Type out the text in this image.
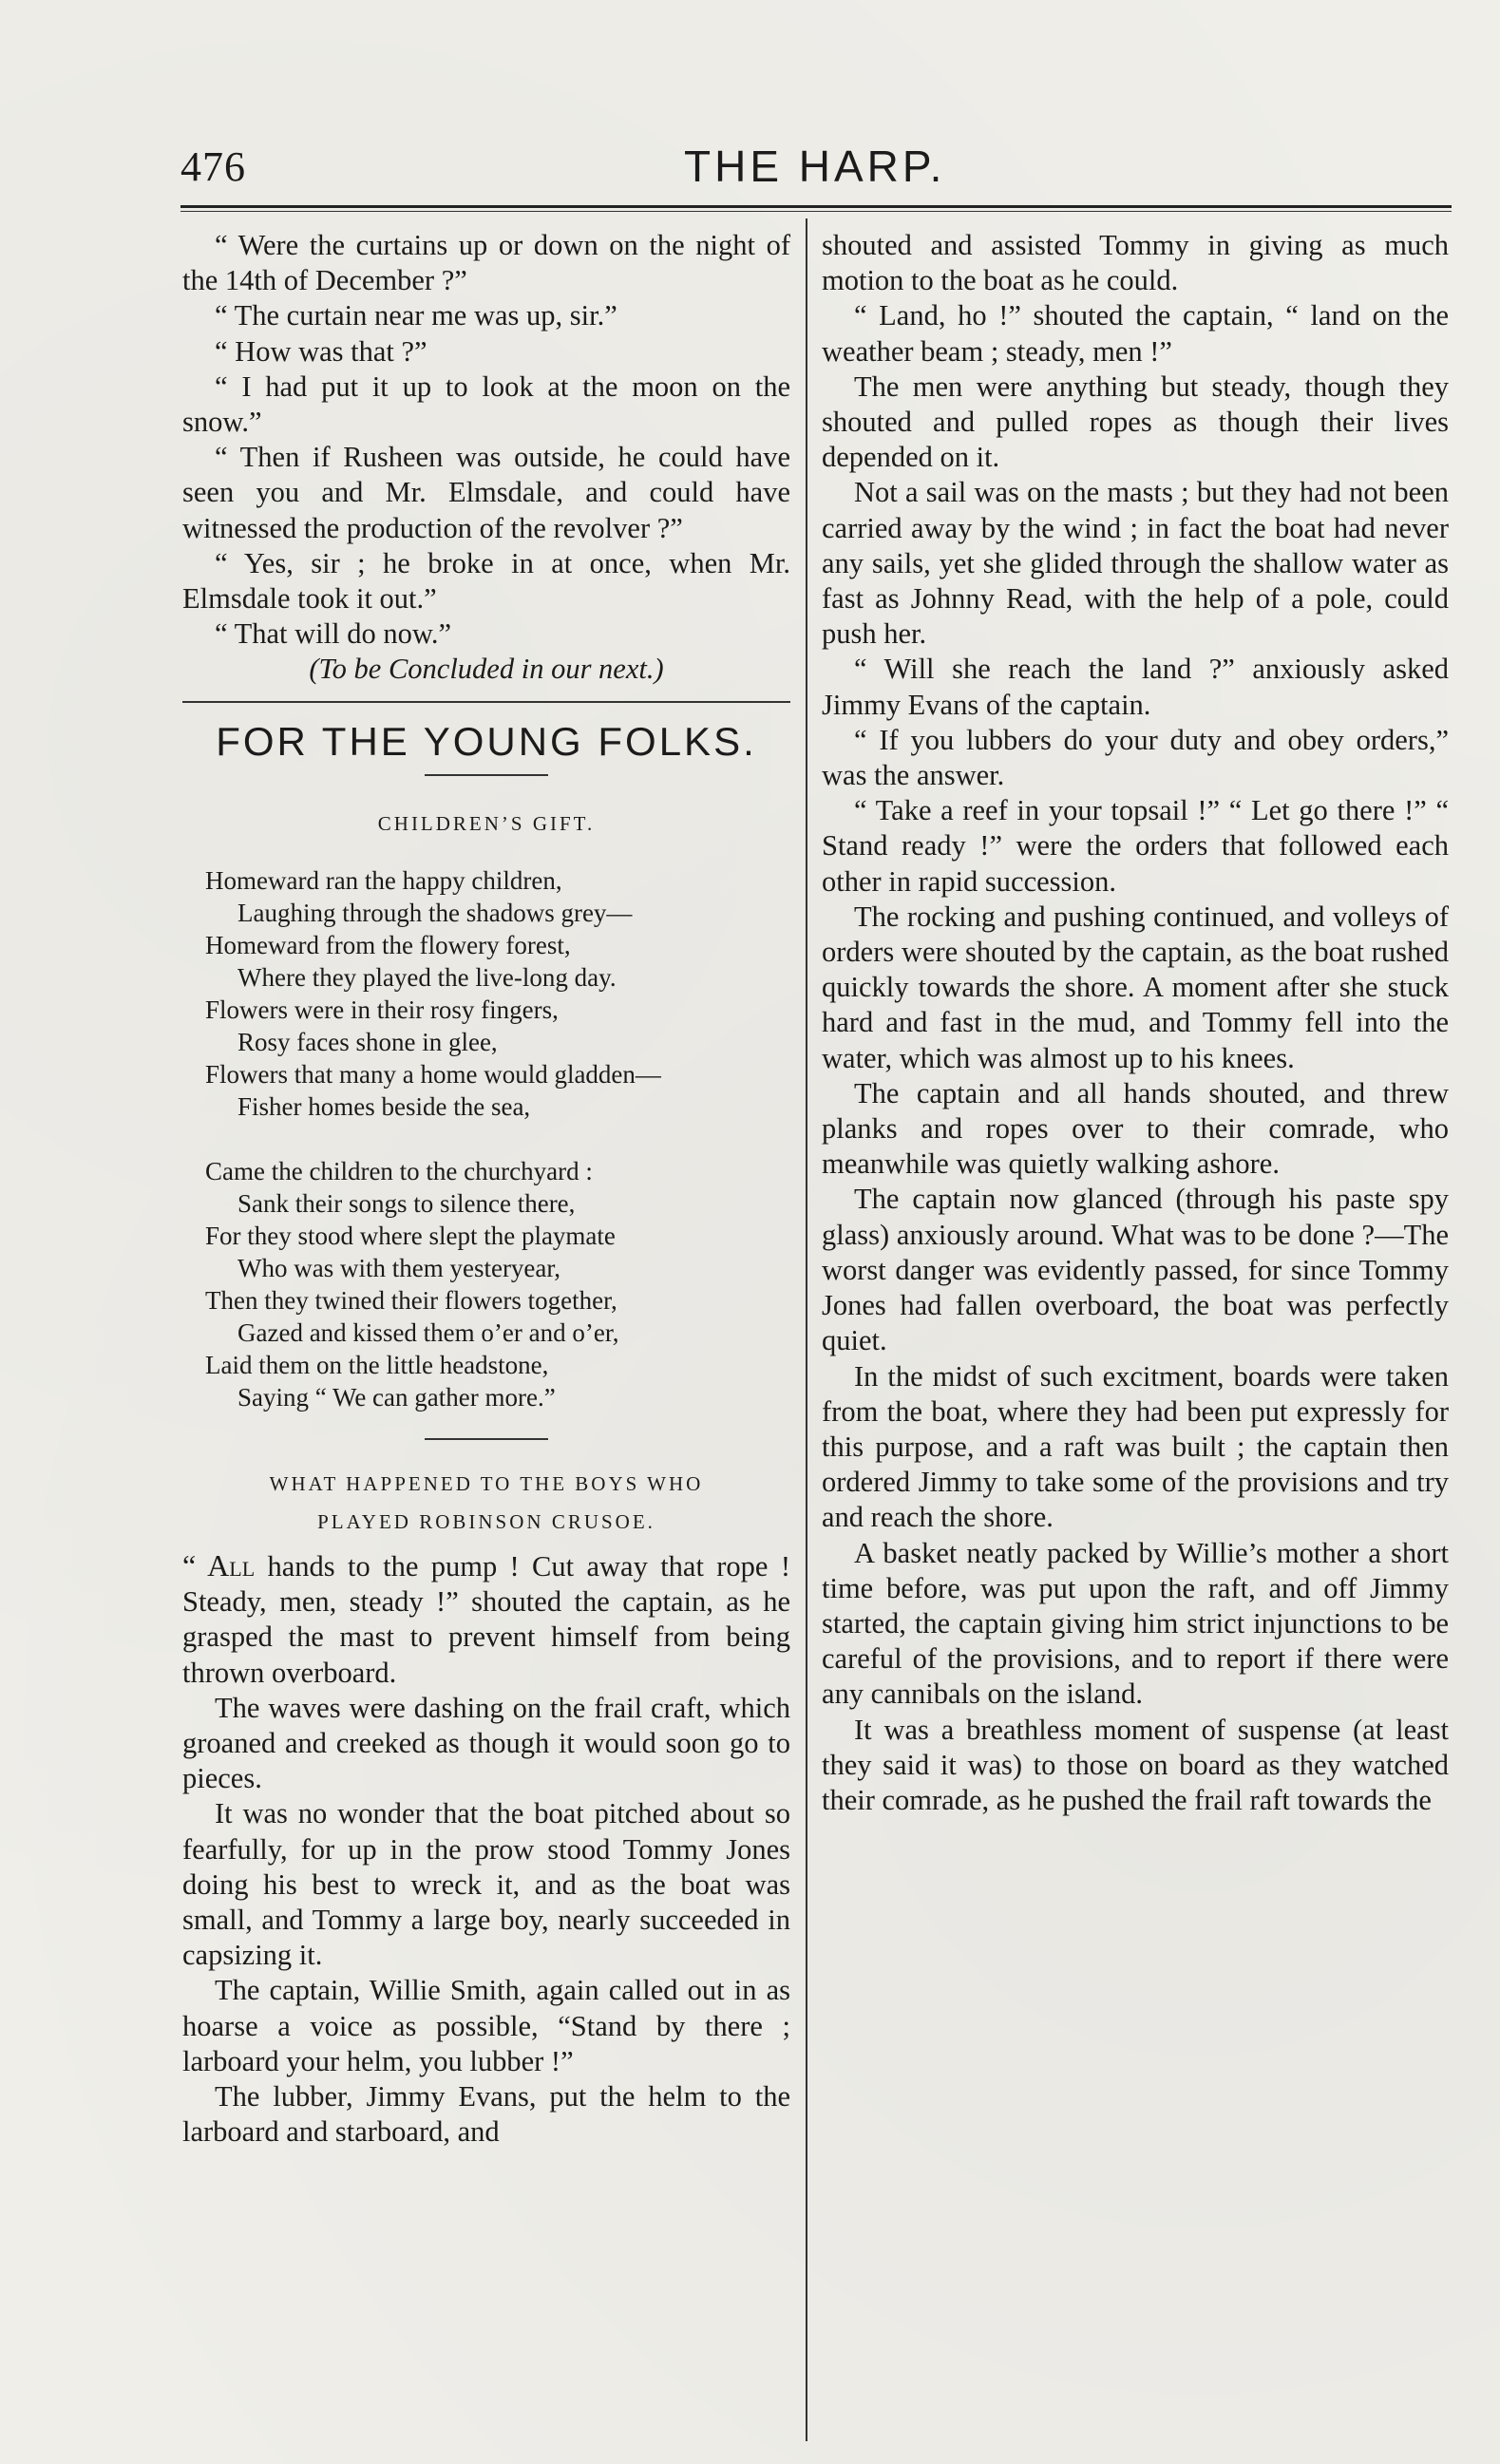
476	THE HARP.

“ Were the curtains up or down on the night of the 14th of December ?”

“ The curtain near me was up, sir.”

“ How was that ?”

“ I had put it up to look at the moon on the snow.”

“ Then if Rusheen was outside, he could have seen you and Mr. Elmsdale, and could have witnessed the production of the revolver ?”

“ Yes, sir ; he broke in at once, when Mr. Elmsdale took it out.”

“ That will do now.”

(To be Concluded in our next.)

FOR THE YOUNG FOLKS.
CHILDREN’S GIFT.
Homeward ran the happy children,
Laughing through the shadows grey—
Homeward from the flowery forest,
Where they played the live-long day.
Flowers were in their rosy fingers,
Rosy faces shone in glee,
Flowers that many a home would gladden—
Fisher homes beside the sea,
Came the children to the churchyard :
Sank their songs to silence there,
For they stood where slept the playmate
Who was with them yesteryear,
Then they twined their flowers together,
Gazed and kissed them o’er and o’er,
Laid them on the little headstone,
Saying “ We can gather more.”
WHAT HAPPENED TO THE BOYS WHO
PLAYED ROBINSON CRUSOE.

“ All hands to the pump ! Cut away that rope ! Steady, men, steady !” shouted the captain, as he grasped the mast to prevent himself from being thrown overboard.

The waves were dashing on the frail craft, which groaned and creeked as though it would soon go to pieces.

It was no wonder that the boat pitched about so fearfully, for up in the prow stood Tommy Jones doing his best to wreck it, and as the boat was small, and Tommy a large boy, nearly succeeded in capsizing it.

The captain, Willie Smith, again called out in as hoarse a voice as possible, “Stand by there ; larboard your helm, you lubber !”

The lubber, Jimmy Evans, put the helm to the larboard and starboard, and

shouted and assisted Tommy in giving as much motion to the boat as he could.

“ Land, ho !” shouted the captain, “ land on the weather beam ; steady, men !”

The men were anything but steady, though they shouted and pulled ropes as though their lives depended on it.

Not a sail was on the masts ; but they had not been carried away by the wind ; in fact the boat had never any sails, yet she glided through the shallow water as fast as Johnny Read, with the help of a pole, could push her.

“ Will she reach the land ?” anxiously asked Jimmy Evans of the captain.

“ If you lubbers do your duty and obey orders,” was the answer.

“ Take a reef in your topsail !” “ Let go there !” “ Stand ready !” were the orders that followed each other in rapid succession.

The rocking and pushing continued, and volleys of orders were shouted by the captain, as the boat rushed quickly towards the shore. A moment after she stuck hard and fast in the mud, and Tommy fell into the water, which was almost up to his knees.

The captain and all hands shouted, and threw planks and ropes over to their comrade, who meanwhile was quietly walking ashore.

The captain now glanced (through his paste spy glass) anxiously around. What was to be done ?—The worst danger was evidently passed, for since Tommy Jones had fallen overboard, the boat was perfectly quiet.

In the midst of such excitment, boards were taken from the boat, where they had been put expressly for this purpose, and a raft was built ; the captain then ordered Jimmy to take some of the provisions and try and reach the shore.

A basket neatly packed by Willie’s mother a short time before, was put upon the raft, and off Jimmy started, the captain giving him strict injunctions to be careful of the provisions, and to report if there were any cannibals on the island.

It was a breathless moment of suspense (at least they said it was) to those on board as they watched their comrade, as he pushed the frail raft towards the
